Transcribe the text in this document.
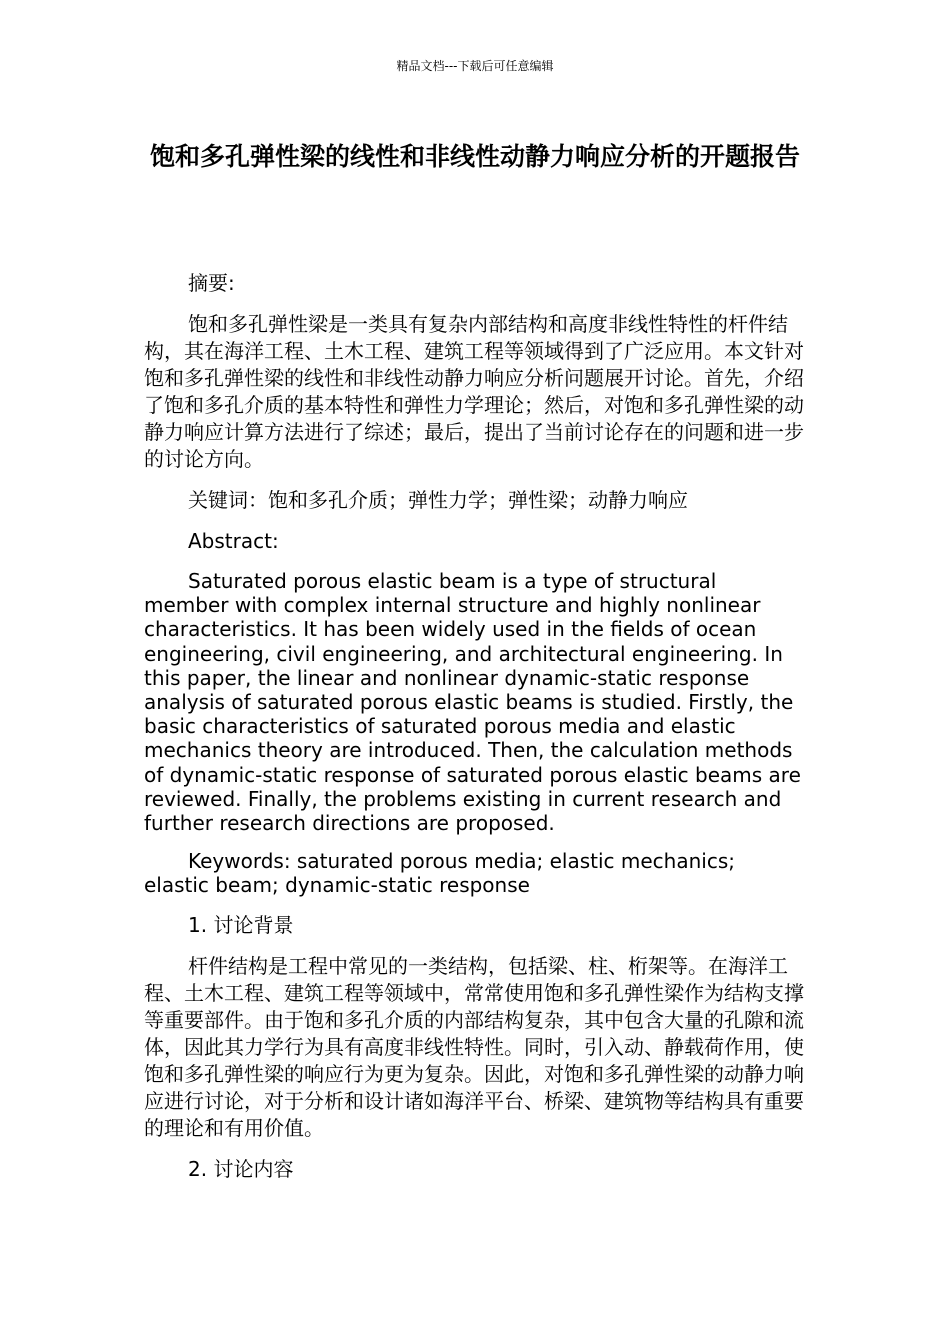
精品文档---下载后可任意编辑
饱和多孔弹性梁的线性和非线性动静力响应分析的开题报告

摘要:

饱和多孔弹性梁是一类具有复杂内部结构和高度非线性特性的杆件结构，其在海洋工程、土木工程、建筑工程等领域得到了广泛应用。本文针对饱和多孔弹性梁的线性和非线性动静力响应分析问题展开讨论。首先，介绍了饱和多孔介质的基本特性和弹性力学理论；然后，对饱和多孔弹性梁的动静力响应计算方法进行了综述；最后，提出了当前讨论存在的问题和进一步的讨论方向。

关键词：饱和多孔介质；弹性力学；弹性梁；动静力响应

Abstract:

Saturated porous elastic beam is a type of structural member with complex internal structure and highly nonlinear characteristics. It has been widely used in the fields of ocean engineering, civil engineering, and architectural engineering. In this paper, the linear and nonlinear dynamic-static response analysis of saturated porous elastic beams is studied. Firstly, the basic characteristics of saturated porous media and elastic mechanics theory are introduced. Then, the calculation methods of dynamic-static response of saturated porous elastic beams are reviewed. Finally, the problems existing in current research and further research directions are proposed.

Keywords: saturated porous media; elastic mechanics; elastic beam; dynamic-static response

1. 讨论背景

杆件结构是工程中常见的一类结构，包括梁、柱、桁架等。在海洋工程、土木工程、建筑工程等领域中，常常使用饱和多孔弹性梁作为结构支撑等重要部件。由于饱和多孔介质的内部结构复杂，其中包含大量的孔隙和流体，因此其力学行为具有高度非线性特性。同时，引入动、静载荷作用，使饱和多孔弹性梁的响应行为更为复杂。因此，对饱和多孔弹性梁的动静力响应进行讨论，对于分析和设计诸如海洋平台、桥梁、建筑物等结构具有重要的理论和有用价值。

2. 讨论内容
